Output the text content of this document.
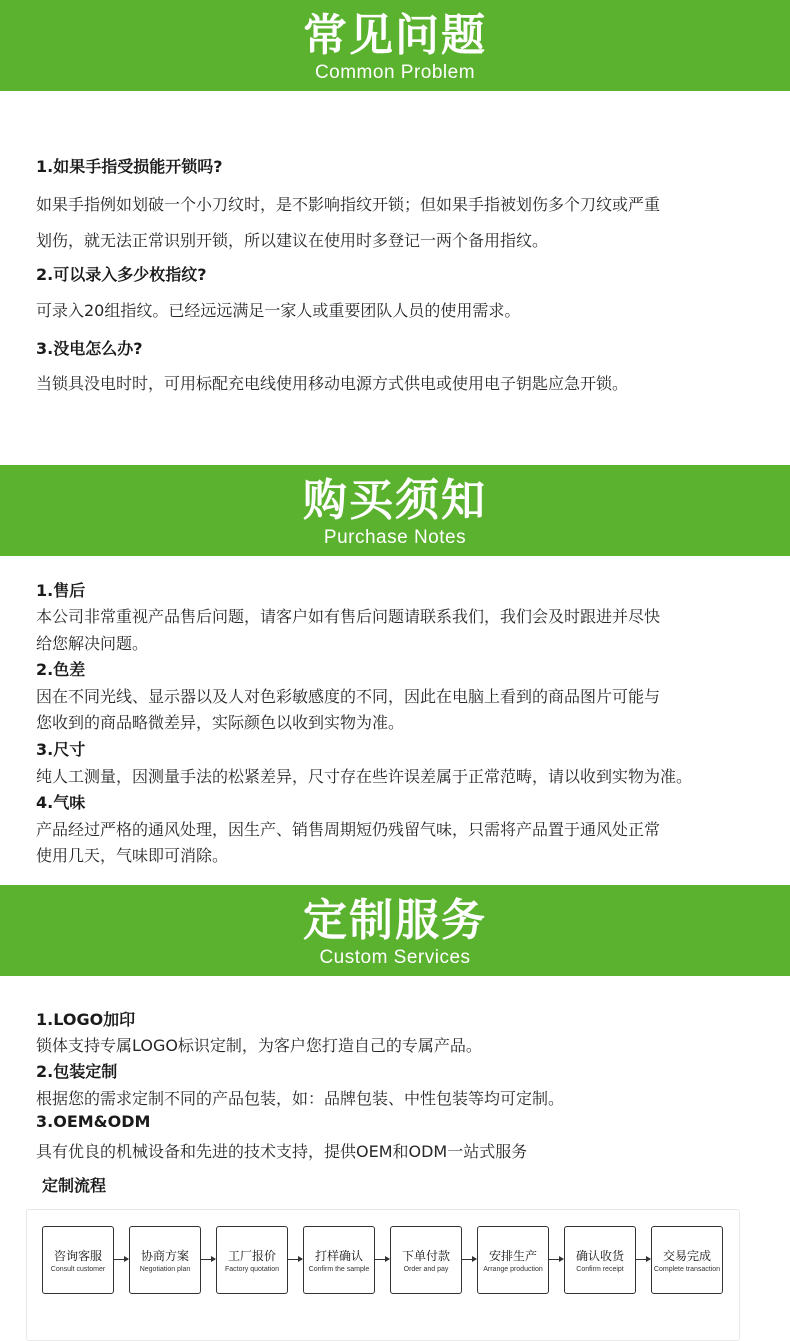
常见问题
Common Problem
1.如果手指受损能开锁吗?
如果手指例如划破一个小刀纹时，是不影响指纹开锁；但如果手指被划伤多个刀纹或严重
划伤，就无法正常识别开锁，所以建议在使用时多登记一两个备用指纹。
2.可以录入多少枚指纹?
可录入20组指纹。已经远远满足一家人或重要团队人员的使用需求。
3.没电怎么办?
当锁具没电时时，可用标配充电线使用移动电源方式供电或使用电子钥匙应急开锁。
购买须知
Purchase Notes
1.售后
本公司非常重视产品售后问题，请客户如有售后问题请联系我们，我们会及时跟进并尽快
给您解决问题。
2.色差
因在不同光线、显示器以及人对色彩敏感度的不同，因此在电脑上看到的商品图片可能与
您收到的商品略微差异，实际颜色以收到实物为准。
3.尺寸
纯人工测量，因测量手法的松紧差异，尺寸存在些许误差属于正常范畴，请以收到实物为准。
4.气味
产品经过严格的通风处理，因生产、销售周期短仍残留气味，只需将产品置于通风处正常
使用几天，气味即可消除。
定制服务
Custom Services
1.LOGO加印
锁体支持专属LOGO标识定制，为客户您打造自己的专属产品。
2.包装定制
根据您的需求定制不同的产品包装，如：品牌包装、中性包装等均可定制。
3.OEM&ODM
具有优良的机械设备和先进的技术支持，提供OEM和ODM一站式服务
定制流程
咨询客服
Consult customer
协商方案
Negotiation plan
工厂报价
Factory quotation
打样确认
Confirm the sample
下单付款
Order and pay
安排生产
Arrange production
确认收货
Confirm receipt
交易完成
Complete transaction
